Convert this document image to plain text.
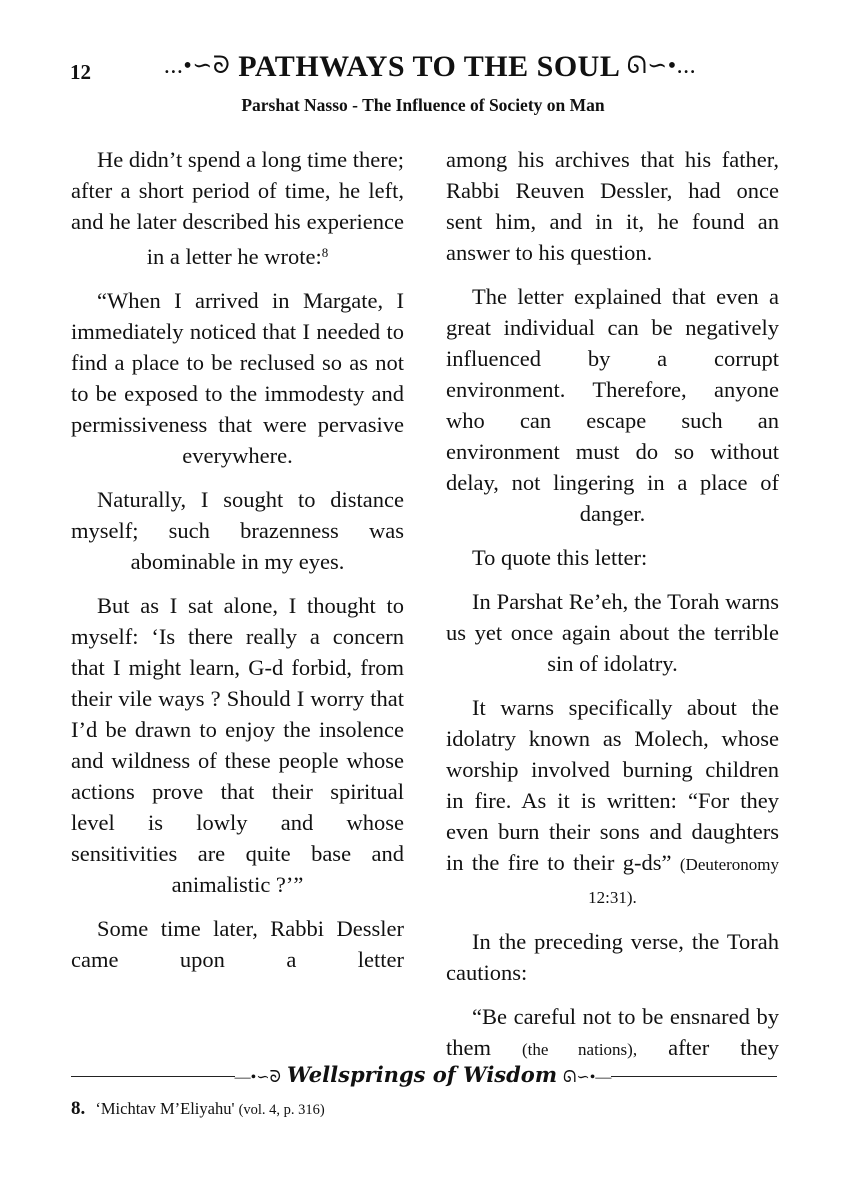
12	...•∽ᘐ PATHWAYS TO THE SOUL ᘏ∽•...
Parshat Nasso - The Influence of Society on Man

He didn’t spend a long time there; after a short period of time, he left, and he later described his experience in a letter he wrote:$^8$

“When I arrived in Margate, I immediately noticed that I needed to find a place to be reclused so as not to be exposed to the immodesty and permissiveness that were pervasive everywhere.

Naturally, I sought to distance myself; such brazenness was abominable in my eyes.

But as I sat alone, I thought to myself: ‘Is there really a concern that I might learn, G-d forbid, from their vile ways ? Should I worry that I’d be drawn to enjoy the insolence and wildness of these people whose actions prove that their spiritual level is lowly and whose sensitivities are quite base and animalistic ?’”

Some time later, Rabbi Dessler came upon a letter

among his archives that his father, Rabbi Reuven Dessler, had once sent him, and in it, he found an answer to his question.

The letter explained that even a great individual can be negatively influenced by a corrupt environment. Therefore, anyone who can escape such an environment must do so without delay, not lingering in a place of danger.

To quote this letter:

In Parshat Re’eh, the Torah warns us yet once again about the terrible sin of idolatry.

It warns specifically about the idolatry known as Molech, whose worship involved burning children in fire. As it is written: “For they even burn their sons and daughters in the fire to their g-ds” (Deuteronomy 12:31).

In the preceding verse, the Torah cautions:

“Be careful not to be ensnared by them (the nations), after they

—•∽ᘐ Wellsprings of Wisdom ᘏ∽•—
8. ‘Michtav M’Eliyahu' (vol. 4, p. 316)
